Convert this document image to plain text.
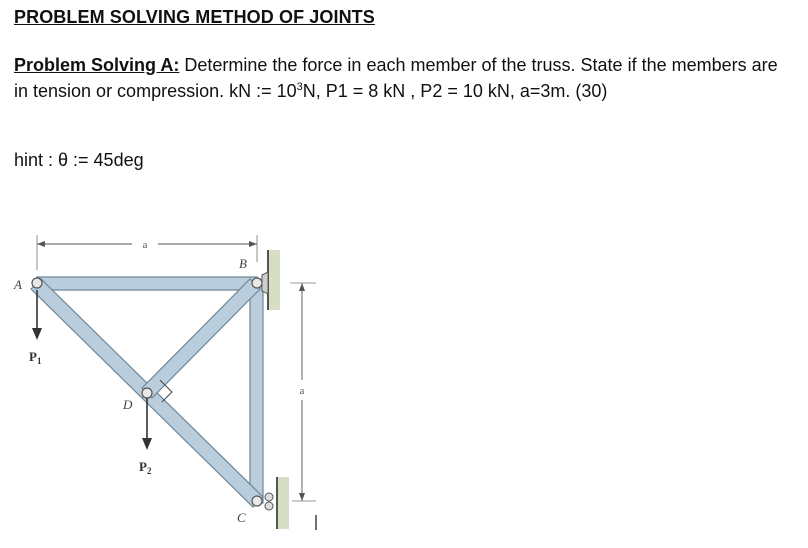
PROBLEM SOLVING METHOD OF JOINTS

Problem Solving A: Determine the force in each member of the truss. State if the members are in tension or compression. kN := $10^3N$, P1 = 8 kN , P2 = 10 kN, a=3m. (30)

hint : θ := 45deg

a
a
A
B
D
C
$P_1$
$P_2$
